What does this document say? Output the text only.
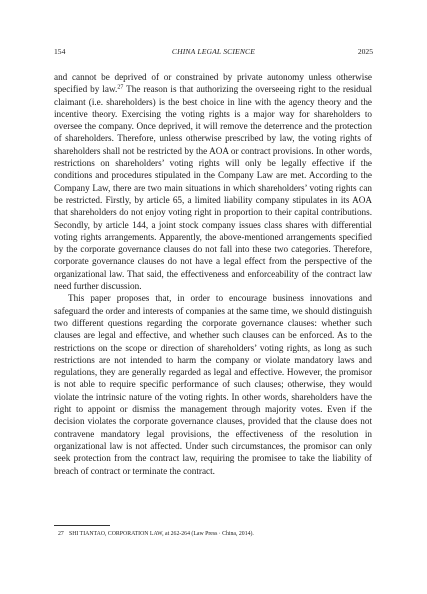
154	CHINA LEGAL SCIENCE	2025

and cannot be deprived of or constrained by private autonomy unless otherwise specified by law.$^{27}$ The reason is that authorizing the overseeing right to the residual claimant (i.e. shareholders) is the best choice in line with the agency theory and the incentive theory. Exercising the voting rights is a major way for shareholders to oversee the company. Once deprived, it will remove the deterrence and the protection of shareholders. Therefore, unless otherwise prescribed by law, the voting rights of shareholders shall not be restricted by the AOA or contract provisions. In other words, restrictions on shareholders’ voting rights will only be legally effective if the conditions and procedures stipulated in the Company Law are met. According to the Company Law, there are two main situations in which shareholders’ voting rights can be restricted. Firstly, by article 65, a limited liability company stipulates in its AOA that shareholders do not enjoy voting right in proportion to their capital contributions. Secondly, by article 144, a joint stock company issues class shares with differential voting rights arrangements. Apparently, the above-mentioned arrangements specified by the corporate governance clauses do not fall into these two categories. Therefore, corporate governance clauses do not have a legal effect from the perspective of the organizational law. That said, the effectiveness and enforceability of the contract law need further discussion.

This paper proposes that, in order to encourage business innovations and safeguard the order and interests of companies at the same time, we should distinguish two different questions regarding the corporate governance clauses: whether such clauses are legal and effective, and whether such clauses can be enforced. As to the restrictions on the scope or direction of shareholders’ voting rights, as long as such restrictions are not intended to harm the company or violate mandatory laws and regulations, they are generally regarded as legal and effective. However, the promisor is not able to require specific performance of such clauses; otherwise, they would violate the intrinsic nature of the voting rights. In other words, shareholders have the right to appoint or dismiss the management through majority votes. Even if the decision violates the corporate governance clauses, provided that the clause does not contravene mandatory legal provisions, the effectiveness of the resolution in organizational law is not affected. Under such circumstances, the promisor can only seek protection from the contract law, requiring the promisee to take the liability of breach of contract or terminate the contract.

27 SHI TIANTAO, CORPORATION LAW, at 262-264 (Law Press · China, 2014).
